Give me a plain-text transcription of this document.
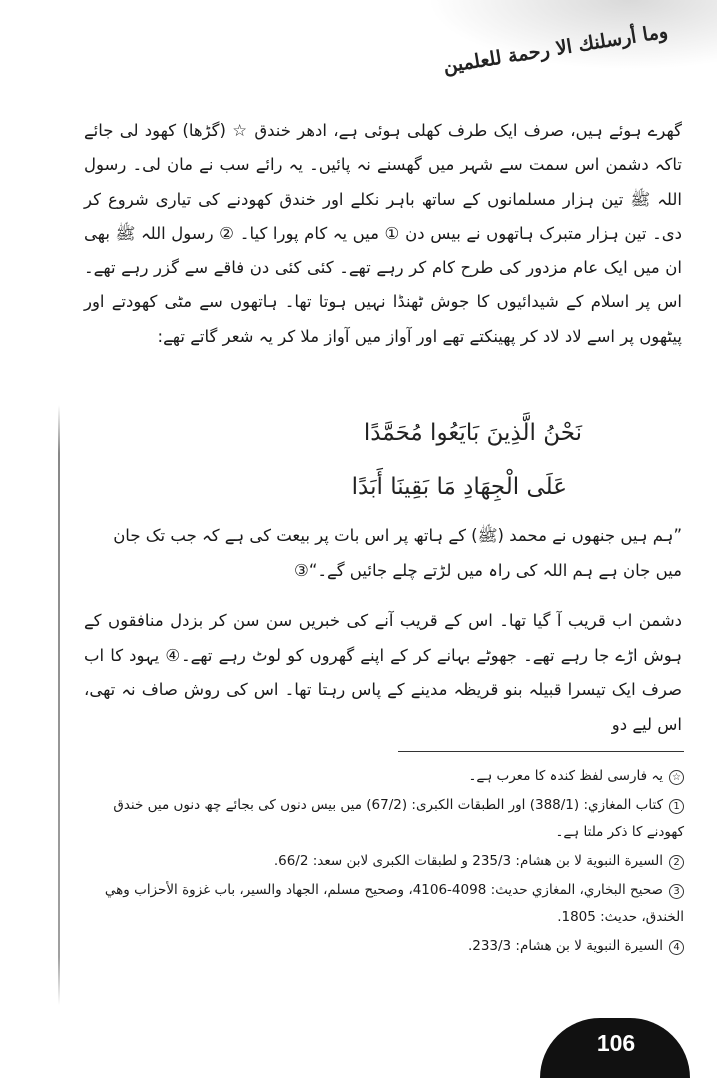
وما أرسلنك الا رحمة للعلمين

گھرے ہوئے ہیں، صرف ایک طرف کھلی ہوئی ہے، ادھر خندق ☆ (گڑھا) کھود لی جائے تاکہ دشمن اس سمت سے شہر میں گھسنے نہ پائیں۔ یہ رائے سب نے مان لی۔ رسول اللہ ﷺ تین ہزار مسلمانوں کے ساتھ باہر نکلے اور خندق کھودنے کی تیاری شروع کر دی۔ تین ہزار متبرک ہاتھوں نے بیس دن ① میں یہ کام پورا کیا۔ ② رسول اللہ ﷺ بھی ان میں ایک عام مزدور کی طرح کام کر رہے تھے۔ کئی کئی دن فاقے سے گزر رہے تھے۔ اس پر اسلام کے شیدائیوں کا جوش ٹھنڈا نہیں ہوتا تھا۔ ہاتھوں سے مٹی کھودتے اور پیٹھوں پر اسے لاد لاد کر پھینکتے تھے اور آواز میں آواز ملا کر یہ شعر گاتے تھے:

نَحْنُ الَّذِينَ بَايَعُوا مُحَمَّدًا
عَلَى الْجِهَادِ مَا بَقِينَا أَبَدًا

”ہم ہیں جنھوں نے محمد (ﷺ) کے ہاتھ پر اس بات پر بیعت کی ہے کہ جب تک جان میں جان ہے ہم اللہ کی راہ میں لڑتے چلے جائیں گے۔“③

دشمن اب قریب آ گیا تھا۔ اس کے قریب آنے کی خبریں سن سن کر بزدل منافقوں کے ہوش اڑے جا رہے تھے۔ جھوٹے بہانے کر کے اپنے گھروں کو لوٹ رہے تھے۔④ یہود کا اب صرف ایک تیسرا قبیلہ بنو قریظہ مدینے کے پاس رہتا تھا۔ اس کی روش صاف نہ تھی، اس لیے دو

☆یہ فارسی لفظ کندہ کا معرب ہے۔
1كتاب المغازي: (388/1) اور الطبقات الكبرى: (67/2) میں بیس دنوں کی بجائے چھ دنوں میں خندق کھودنے کا ذکر ملتا ہے۔
2السيرة النبوية لا بن هشام: 235/3 و لطبقات الكبرى لابن سعد: 66/2.
3صحيح البخاري، المغازي حديث: 4098-4106، وصحيح مسلم، الجهاد والسير، باب غزوة الأحزاب وهي الخندق، حديث: 1805.
4السيرة النبوية لا بن هشام: 233/3.
106
